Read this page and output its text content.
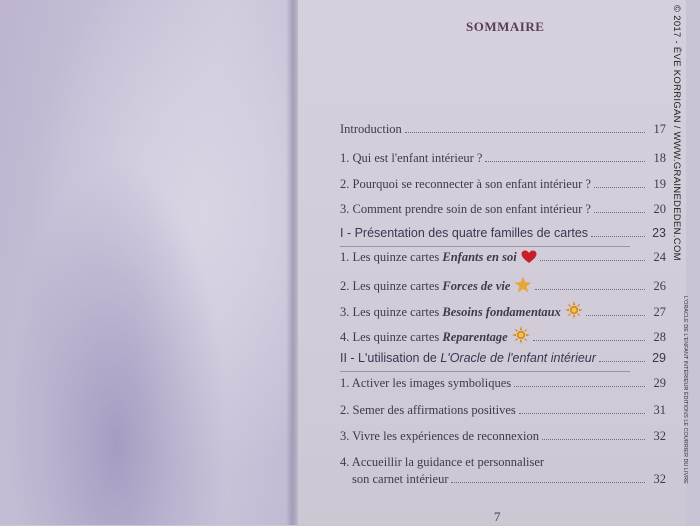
SOMMAIRE
Introduction	17
1. Qui est l'enfant intérieur ?	18
2. Pourquoi se reconnecter à son enfant intérieur ?	19
3. Comment prendre soin de son enfant intérieur ?	20
I - Présentation des quatre familles de cartes	23
1. Les quinze cartes Enfants en soi	24
2. Les quinze cartes Forces de vie	26
3. Les quinze cartes Besoins fondamentaux	27
4. Les quinze cartes Reparentage	28
II - L'utilisation de L'Oracle de l'enfant intérieur	29
1. Activer les images symboliques	29
2. Semer des affirmations positives	31
3. Vivre les expériences de reconnexion	32
4. Accueillir la guidance et personnaliser
son carnet intérieur	32
7
© 2017 - ÈVE KORRIGAN / WWW.GRAINEDEDEN.COM
L'ORACLE DE L'ENFANT INTÉRIEUR ÉDITIONS LE COURRIER DU LIVRE
